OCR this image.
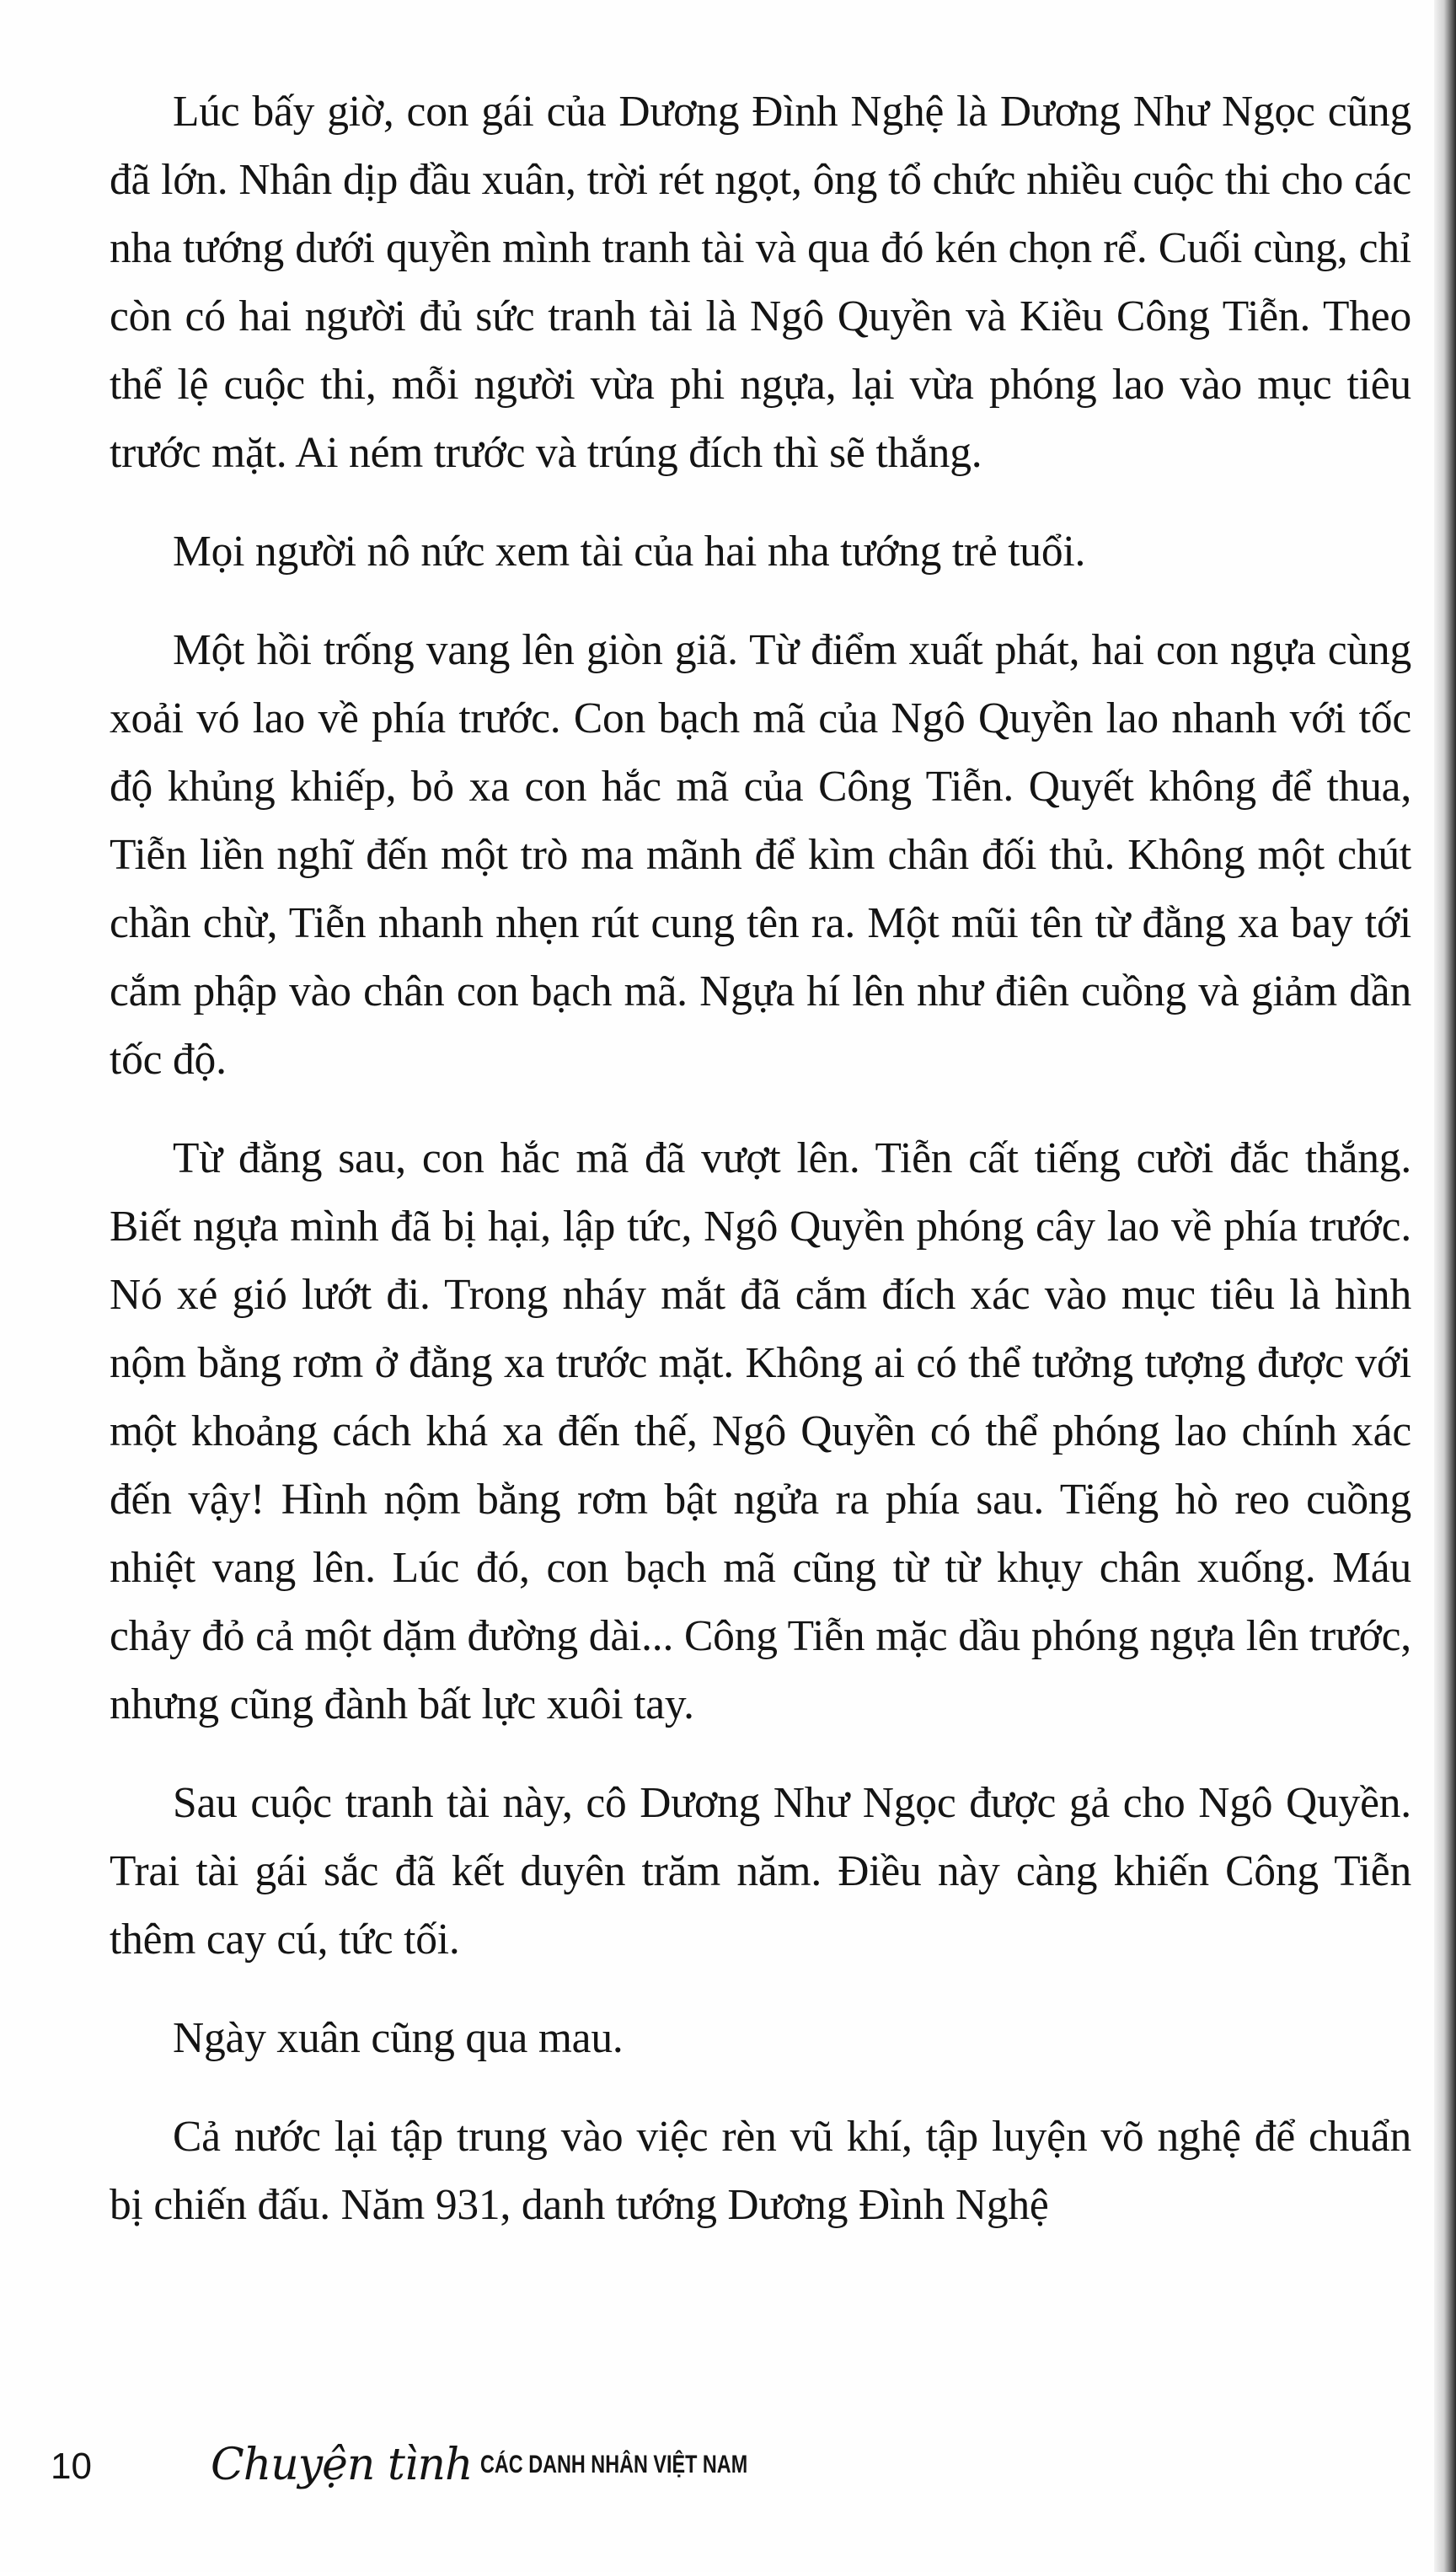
Lúc bấy giờ, con gái của Dương Đình Nghệ là Dương Như Ngọc cũng đã lớn. Nhân dịp đầu xuân, trời rét ngọt, ông tổ chức nhiều cuộc thi cho các nha tướng dưới quyền mình tranh tài và qua đó kén chọn rể. Cuối cùng, chỉ còn có hai người đủ sức tranh tài là Ngô Quyền và Kiều Công Tiễn. Theo thể lệ cuộc thi, mỗi người vừa phi ngựa, lại vừa phóng lao vào mục tiêu trước mặt. Ai ném trước và trúng đích thì sẽ thắng.

Mọi người nô nức xem tài của hai nha tướng trẻ tuổi.

Một hồi trống vang lên giòn giã. Từ điểm xuất phát, hai con ngựa cùng xoải vó lao về phía trước. Con bạch mã của Ngô Quyền lao nhanh với tốc độ khủng khiếp, bỏ xa con hắc mã của Công Tiễn. Quyết không để thua, Tiễn liền nghĩ đến một trò ma mãnh để kìm chân đối thủ. Không một chút chần chừ, Tiễn nhanh nhẹn rút cung tên ra. Một mũi tên từ đằng xa bay tới cắm phập vào chân con bạch mã. Ngựa hí lên như điên cuồng và giảm dần tốc độ.

Từ đằng sau, con hắc mã đã vượt lên. Tiễn cất tiếng cười đắc thắng. Biết ngựa mình đã bị hại, lập tức, Ngô Quyền phóng cây lao về phía trước. Nó xé gió lướt đi. Trong nháy mắt đã cắm đích xác vào mục tiêu là hình nộm bằng rơm ở đằng xa trước mặt. Không ai có thể tưởng tượng được với một khoảng cách khá xa đến thế, Ngô Quyền có thể phóng lao chính xác đến vậy! Hình nộm bằng rơm bật ngửa ra phía sau. Tiếng hò reo cuồng nhiệt vang lên. Lúc đó, con bạch mã cũng từ từ khụy chân xuống. Máu chảy đỏ cả một dặm đường dài... Công Tiễn mặc dầu phóng ngựa lên trước, nhưng cũng đành bất lực xuôi tay.

Sau cuộc tranh tài này, cô Dương Như Ngọc được gả cho Ngô Quyền. Trai tài gái sắc đã kết duyên trăm năm. Điều này càng khiến Công Tiễn thêm cay cú, tức tối.

Ngày xuân cũng qua mau.

Cả nước lại tập trung vào việc rèn vũ khí, tập luyện võ nghệ để chuẩn bị chiến đấu. Năm 931, danh tướng Dương Đình Nghệ

10	Chuyện tình CÁC DANH NHÂN VIỆT NAM
